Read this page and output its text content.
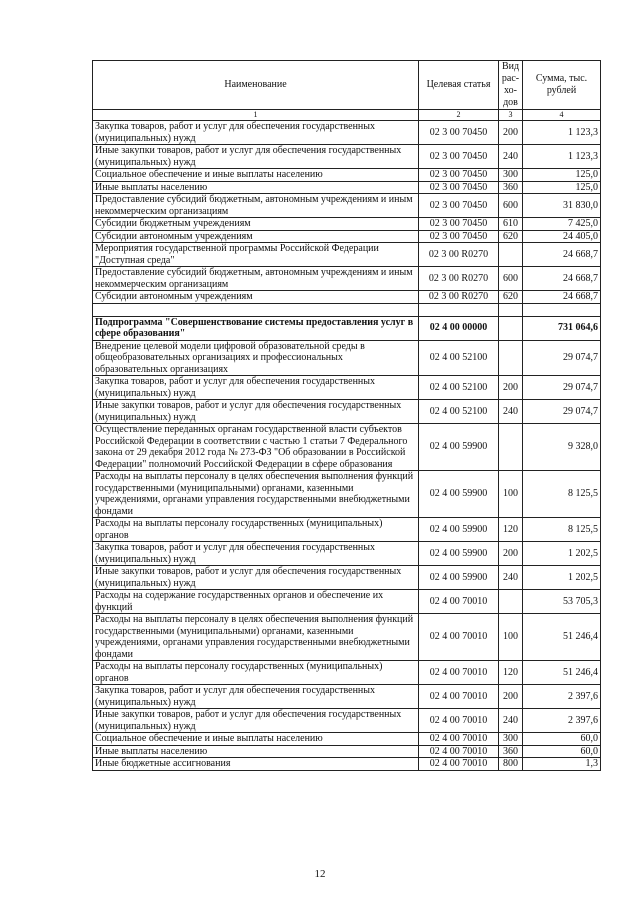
Наименование	Целевая статья	Вид рас- хо- дов	Сумма, тыс. рублей
1	2	3	4
Закупка товаров, работ и услуг для обеспечения государственных (муниципальных) нужд	02 3 00 70450	200	1 123,3
Иные закупки товаров, работ и услуг для обеспечения государственных (муниципальных) нужд	02 3 00 70450	240	1 123,3
Социальное обеспечение и иные выплаты населению	02 3 00 70450	300	125,0
Иные выплаты населению	02 3 00 70450	360	125,0
Предоставление субсидий бюджетным, автономным учреждениям и иным некоммерческим организациям	02 3 00 70450	600	31 830,0
Субсидии бюджетным учреждениям	02 3 00 70450	610	7 425,0
Субсидии автономным учреждениям	02 3 00 70450	620	24 405,0
Мероприятия государственной программы Российской Федерации "Доступная среда"	02 3 00 R0270		24 668,7
Предоставление субсидий бюджетным, автономным учреждениям и иным некоммерческим организациям	02 3 00 R0270	600	24 668,7
Субсидии автономным учреждениям	02 3 00 R0270	620	24 668,7

Подпрограмма "Совершенствование системы предоставления услуг в сфере образования"	02 4 00 00000		731 064,6
Внедрение целевой модели цифровой образовательной среды в общеобразовательных организациях и профессиональных образовательных организациях	02 4 00 52100		29 074,7
Закупка товаров, работ и услуг для обеспечения государственных (муниципальных) нужд	02 4 00 52100	200	29 074,7
Иные закупки товаров, работ и услуг для обеспечения государственных (муниципальных) нужд	02 4 00 52100	240	29 074,7
Осуществление переданных органам государственной власти субъектов Российской Федерации в соответствии с частью 1 статьи 7 Федерального закона от 29 декабря 2012 года № 273-ФЗ "Об образовании в Российской Федерации" полномочий Российской Федерации в сфере образования	02 4 00 59900		9 328,0
Расходы на выплаты персоналу в целях обеспечения выполнения функций государственными (муниципальными) органами, казенными учреждениями, органами управления государственными внебюджетными фондами	02 4 00 59900	100	8 125,5
Расходы на выплаты персоналу государственных (муниципальных) органов	02 4 00 59900	120	8 125,5
Закупка товаров, работ и услуг для обеспечения государственных (муниципальных) нужд	02 4 00 59900	200	1 202,5
Иные закупки товаров, работ и услуг для обеспечения государственных (муниципальных) нужд	02 4 00 59900	240	1 202,5
Расходы на содержание государственных органов и обеспечение их функций	02 4 00 70010		53 705,3
Расходы на выплаты персоналу в целях обеспечения выполнения функций государственными (муниципальными) органами, казенными учреждениями, органами управления государственными внебюджетными фондами	02 4 00 70010	100	51 246,4
Расходы на выплаты персоналу государственных (муниципальных) органов	02 4 00 70010	120	51 246,4
Закупка товаров, работ и услуг для обеспечения государственных (муниципальных) нужд	02 4 00 70010	200	2 397,6
Иные закупки товаров, работ и услуг для обеспечения государственных (муниципальных) нужд	02 4 00 70010	240	2 397,6
Социальное обеспечение и иные выплаты населению	02 4 00 70010	300	60,0
Иные выплаты населению	02 4 00 70010	360	60,0
Иные бюджетные ассигнования	02 4 00 70010	800	1,3
12
